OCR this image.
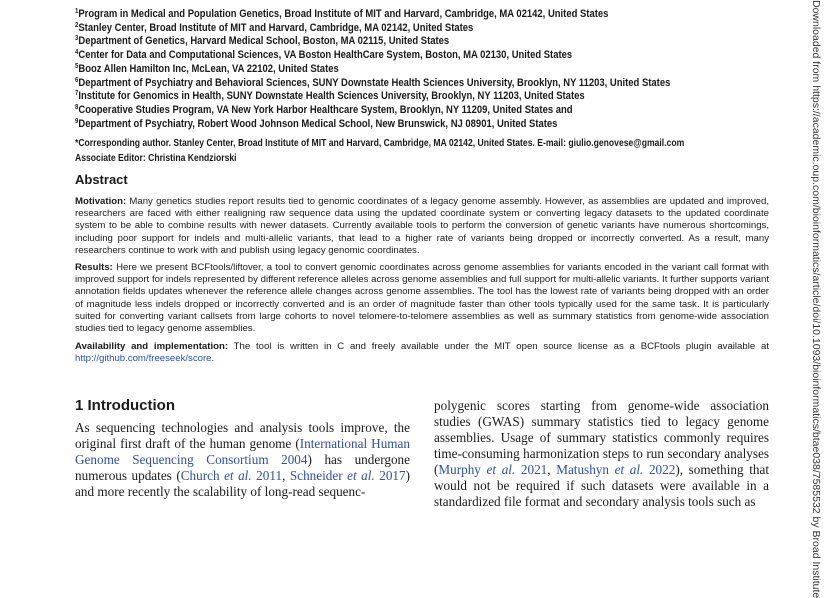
$^1$Program in Medical and Population Genetics, Broad Institute of MIT and Harvard, Cambridge, MA 02142, United States
$^2$Stanley Center, Broad Institute of MIT and Harvard, Cambridge, MA 02142, United States
$^3$Department of Genetics, Harvard Medical School, Boston, MA 02115, United States
$^4$Center for Data and Computational Sciences, VA Boston HealthCare System, Boston, MA 02130, United States
$^5$Booz Allen Hamilton Inc, McLean, VA 22102, United States
$^6$Department of Psychiatry and Behavioral Sciences, SUNY Downstate Health Sciences University, Brooklyn, NY 11203, United States
$^7$Institute for Genomics in Health, SUNY Downstate Health Sciences University, Brooklyn, NY 11203, United States
$^8$Cooperative Studies Program, VA New York Harbor Healthcare System, Brooklyn, NY 11209, United States and
$^9$Department of Psychiatry, Robert Wood Johnson Medical School, New Brunswick, NJ 08901, United States
*Corresponding author. Stanley Center, Broad Institute of MIT and Harvard, Cambridge, MA 02142, United States. E-mail: giulio.genovese@gmail.com
Associate Editor: Christina Kendziorski
Abstract
Motivation: Many genetics studies report results tied to genomic coordinates of a legacy genome assembly. However, as assemblies are updated and improved, researchers are faced with either realigning raw sequence data using the updated coordinate system or converting legacy datasets to the updated coordinate system to be able to combine results with newer datasets. Currently available tools to perform the conversion of genetic variants have numerous shortcomings, including poor support for indels and multi-allelic variants, that lead to a higher rate of variants being dropped or incorrectly converted. As a result, many researchers continue to work with and publish using legacy genomic coordinates.
Results: Here we present BCFtools/liftover, a tool to convert genomic coordinates across genome assemblies for variants encoded in the variant call format with improved support for indels represented by different reference alleles across genome assemblies and full support for multi-allelic variants. It further supports variant annotation fields updates whenever the reference allele changes across genome assemblies. The tool has the lowest rate of variants being dropped with an order of magnitude less indels dropped or incorrectly converted and is an order of magnitude faster than other tools typically used for the same task. It is particularly suited for converting variant callsets from large cohorts to novel telomere-to-telomere assemblies as well as summary statistics from genome-wide association studies tied to legacy genome assemblies.
Availability and implementation: The tool is written in C and freely available under the MIT open source license as a BCFtools plugin available at http://github.com/freeseek/score.
1 Introduction
As sequencing technologies and analysis tools improve, the original first draft of the human genome (International Human Genome Sequencing Consortium 2004) has undergone numerous updates (Church et al. 2011, Schneider et al. 2017) and more recently the scalability of long-read sequenc-
polygenic scores starting from genome-wide association studies (GWAS) summary statistics tied to legacy genome assemblies. Usage of summary statistics commonly requires time-consuming harmonization steps to run secondary analyses (Murphy et al. 2021, Matushyn et al. 2022), something that would not be required if such datasets were available in a standardized file format and secondary analysis tools such as	Downloaded from https://academic.oup.com/bioinformatics/article/doi/10.1093/bioinformatics/btae038/7585532 by Broad Institute
